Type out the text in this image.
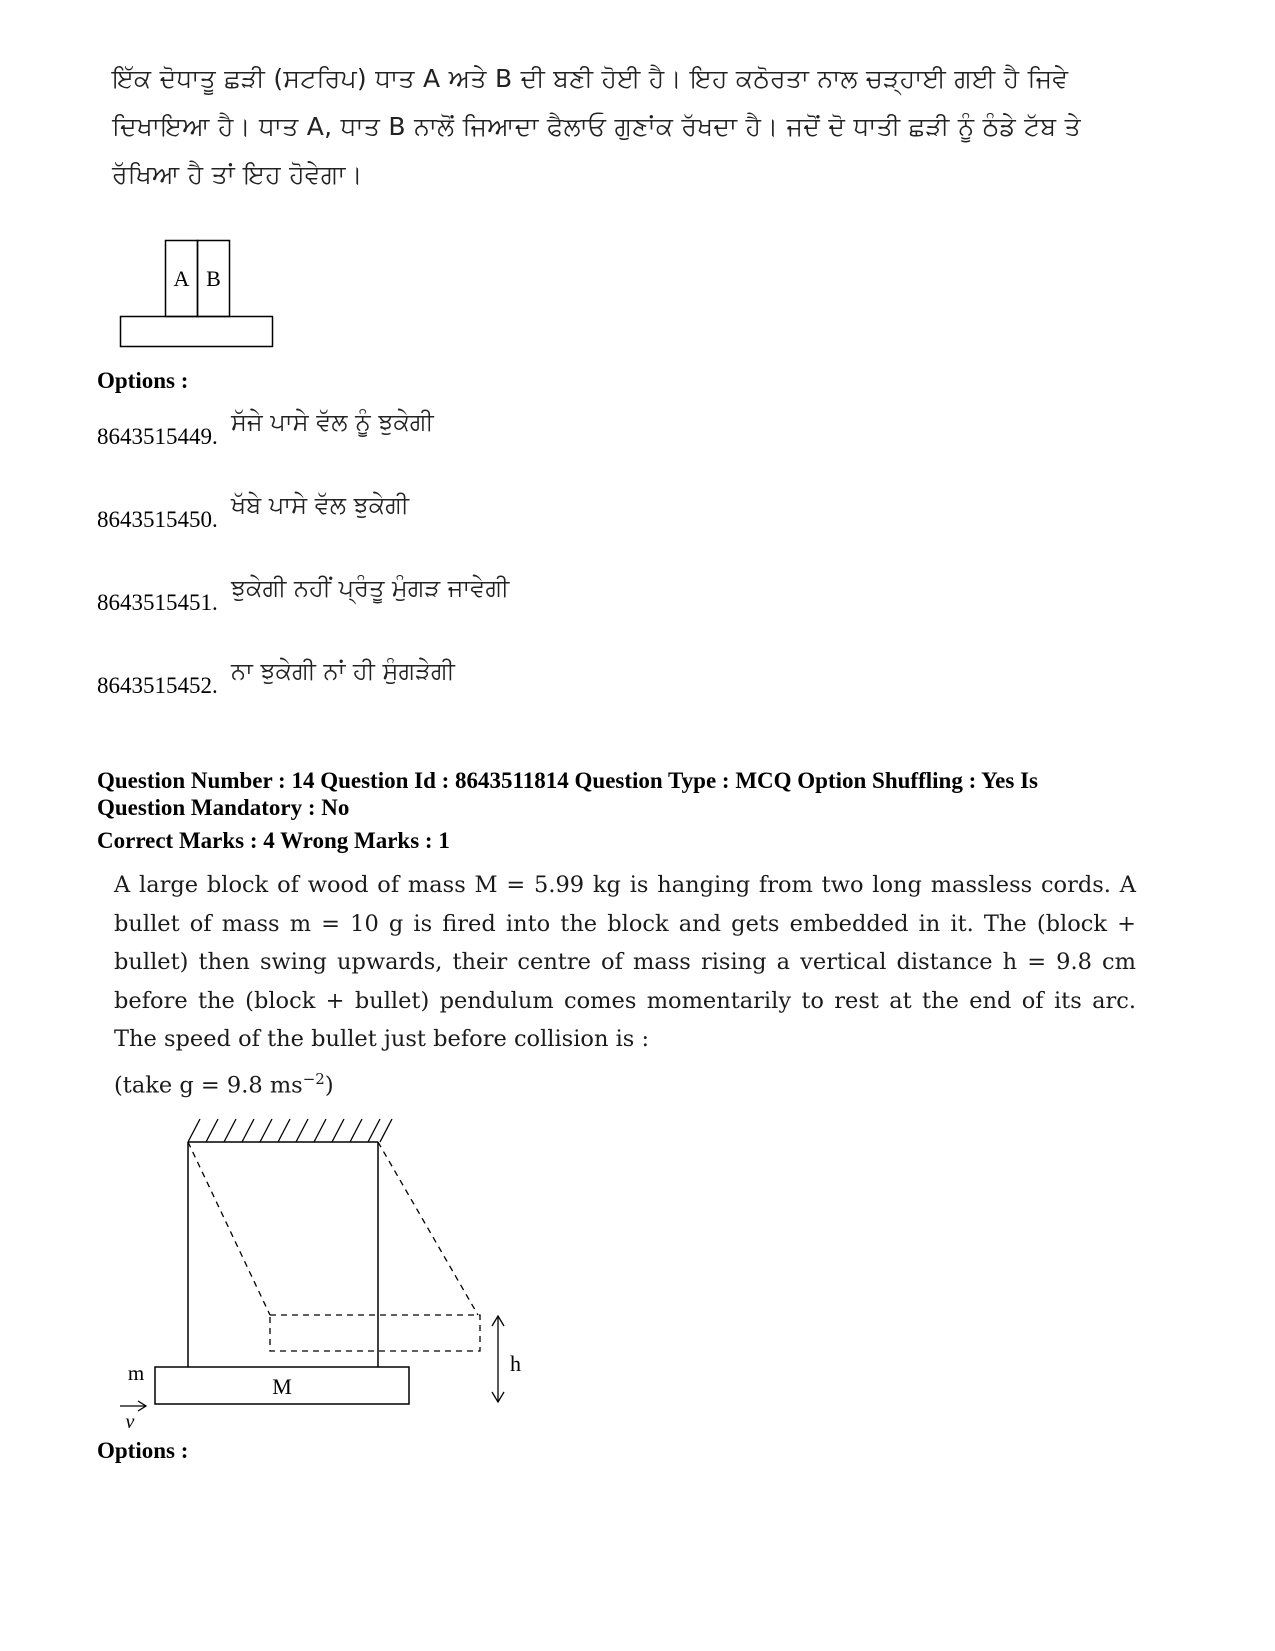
ਇੱਕ ਦੋਧਾਤੂ ਛੜੀ (ਸਟਰਿਪ) ਧਾਤ A ਅਤੇ B ਦੀ ਬਣੀ ਹੋਈ ਹੈ। ਇਹ ਕਠੋਰਤਾ ਨਾਲ ਚੜ੍ਹਾਈ ਗਈ ਹੈ ਜਿਵੇ ਦਿਖਾਇਆ ਹੈ। ਧਾਤ A, ਧਾਤ B ਨਾਲੋਂ ਜਿਆਦਾ ਫੈਲਾਓ ਗੁਣਾਂਕ ਰੱਖਦਾ ਹੈ। ਜਦੋਂ ਦੋ ਧਾਤੀ ਛੜੀ ਨੂੰ ਠੰਡੇ ਟੱਬ ਤੇ ਰੱਖਿਆ ਹੈ ਤਾਂ ਇਹ ਹੋਵੇਗਾ।
A B
Options :
8643515449.
ਸੱਜੇ ਪਾਸੇ ਵੱਲ ਨੂੰ ਝੁਕੇਗੀ
8643515450.
ਖੱਬੇ ਪਾਸੇ ਵੱਲ ਝੁਕੇਗੀ
8643515451.
ਝੁਕੇਗੀ ਨਹੀਂ ਪ੍ਰੰਤੂ ਮੁੰਗੜ ਜਾਵੇਗੀ
8643515452.
ਨਾ ਝੁਕੇਗੀ ਨਾਂ ਹੀ ਸੁੰਗੜੇਗੀ
Question Number : 14 Question Id : 8643511814 Question Type : MCQ Option Shuffling : Yes Is
Question Mandatory : No
Correct Marks : 4 Wrong Marks : 1
A large block of wood of mass M = 5.99 kg is hanging from two long massless cords. A bullet of mass m = 10 g is fired into the block and gets embedded in it. The (block + bullet) then swing upwards, their centre of mass rising a vertical distance h = 9.8 cm before the (block + bullet) pendulum comes momentarily to rest at the end of its arc. The speed of the bullet just before collision is :
(take g = 9.8 $ms^{-2}$)
M
m
v
h
Options :
